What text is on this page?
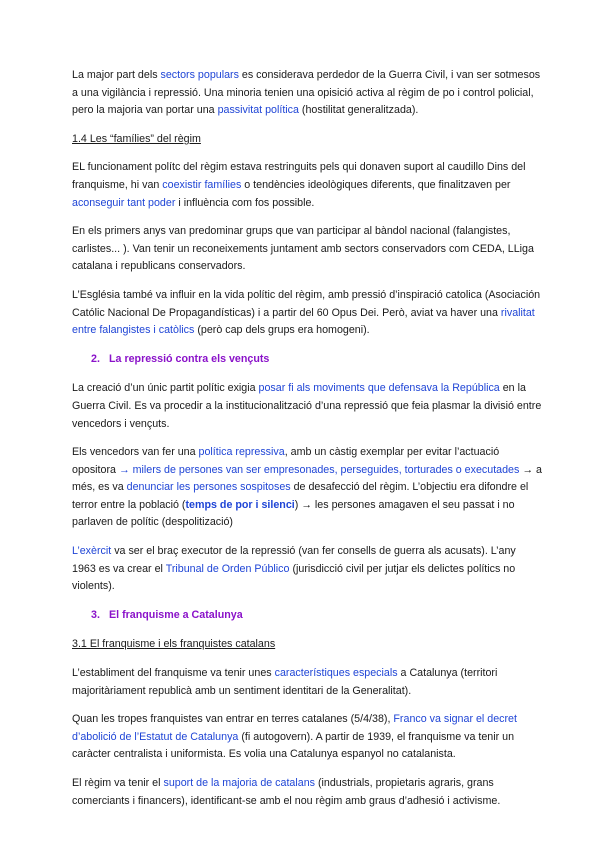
La major part dels sectors populars es considerava perdedor de la Guerra Civil, i van ser sotmesos a una vigilància i repressió. Una minoria tenien una opisició activa al règim de po i control policial, pero la majoria van portar una passivitat política (hostilitat generalitzada).

1.4 Les “famílies” del règim

EL funcionament polítc del règim estava restringuits pels qui donaven suport al caudillo Dins del franquisme, hi van coexistir famílies o tendències ideològiques diferents, que finalitzaven per aconseguir tant poder i influència com fos possible.

En els primers anys van predominar grups que van participar al bàndol nacional (falangistes, carlistes... ). Van tenir un reconeixements juntament amb sectors conservadors com CEDA, LLiga catalana i republicans conservadors.

L’Església també va influir en la vida polític del règim, amb pressió d’inspiració catolica (Asociación Católic Nacional De Propagandísticas) i a partir del 60 Opus Dei. Però, aviat va haver una rivalitat entre falangistes i catòlics (però cap dels grups era homogeni).

2. La repressió contra els vençuts

La creació d’un únic partit polític exigia posar fi als moviments que defensava la República en la Guerra Civil. Es va procedir a la institucionalització d’una repressió que feia plasmar la divisió entre vencedors i vençuts.

Els vencedors van fer una política repressiva, amb un càstig exemplar per evitar l’actuació opositora → milers de persones van ser empresonades, perseguides, torturades o executades → a més, es va denunciar les persones sospitoses de desafecció del règim. L’objectiu era difondre el terror entre la població (temps de por i silenci) → les persones amagaven el seu passat i no parlaven de polític (despolitizació)

L’exèrcit va ser el braç executor de la repressió (van fer consells de guerra als acusats). L’any 1963 es va crear el Tribunal de Orden Público (jurisdicció civil per jutjar els delictes polítics no violents).

3. El franquisme a Catalunya
3.1 El franquisme i els franquistes catalans

L’establiment del franquisme va tenir unes característiques especials a Catalunya (territori majoritàriament republicà amb un sentiment identitari de la Generalitat).

Quan les tropes franquistes van entrar en terres catalanes (5/4/38), Franco va signar el decret d’abolició de l’Estatut de Catalunya (fi autogovern). A partir de 1939, el franquisme va tenir un caràcter centralista i uniformista. Es volia una Catalunya espanyol no catalanista.

El règim va tenir el suport de la majoria de catalans (industrials, propietaris agraris, grans comerciants i financers), identificant-se amb el nou règim amb graus d’adhesió i activisme.
